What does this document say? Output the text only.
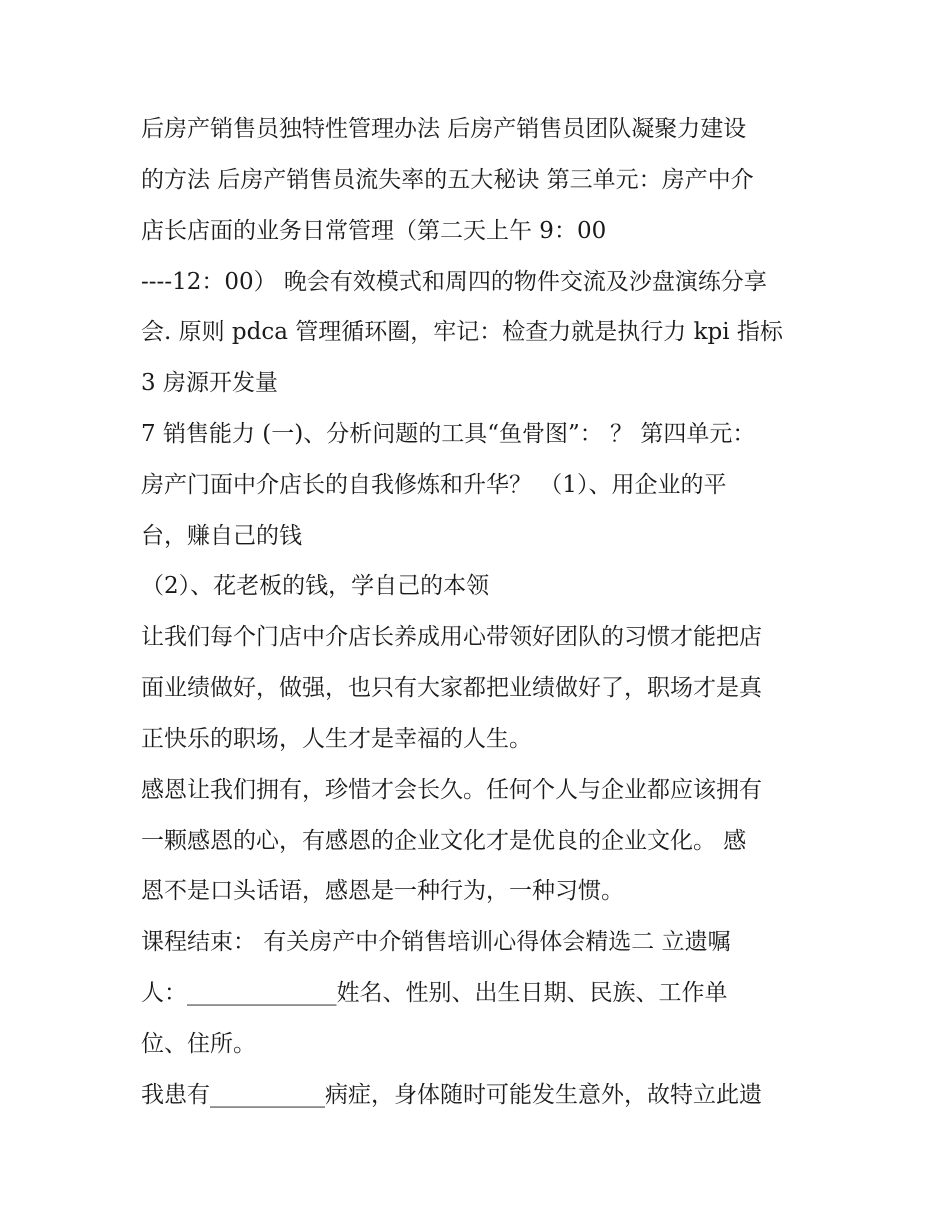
后房产销售员独特性管理办法 后房产销售员团队凝聚力建设
的方法 后房产销售员流失率的五大秘诀 第三单元：房产中介
店长店面的业务日常管理（第二天上午 9：00
----12：00） 晚会有效模式和周四的物件交流及沙盘演练分享
会. 原则 pdca 管理循环圈，牢记：检查力就是执行力 kpi 指标
3 房源开发量
7 销售能力 (一)、分析问题的工具“鱼骨图”： ？ 第四单元：
房产门面中介店长的自我修炼和升华？ （1）、用企业的平
台，赚自己的钱
（2）、花老板的钱，学自己的本领
让我们每个门店中介店长养成用心带领好团队的习惯才能把店
面业绩做好，做强，也只有大家都把业绩做好了，职场才是真
正快乐的职场，人生才是幸福的人生。
感恩让我们拥有，珍惜才会长久。任何个人与企业都应该拥有
一颗感恩的心，有感恩的企业文化才是优良的企业文化。 感
恩不是口头话语，感恩是一种行为，一种习惯。
课程结束： 有关房产中介销售培训心得体会精选二 立遗嘱
人：_____________姓名、性别、出生日期、民族、工作单
位、住所。
我患有__________病症，身体随时可能发生意外，故特立此遗
